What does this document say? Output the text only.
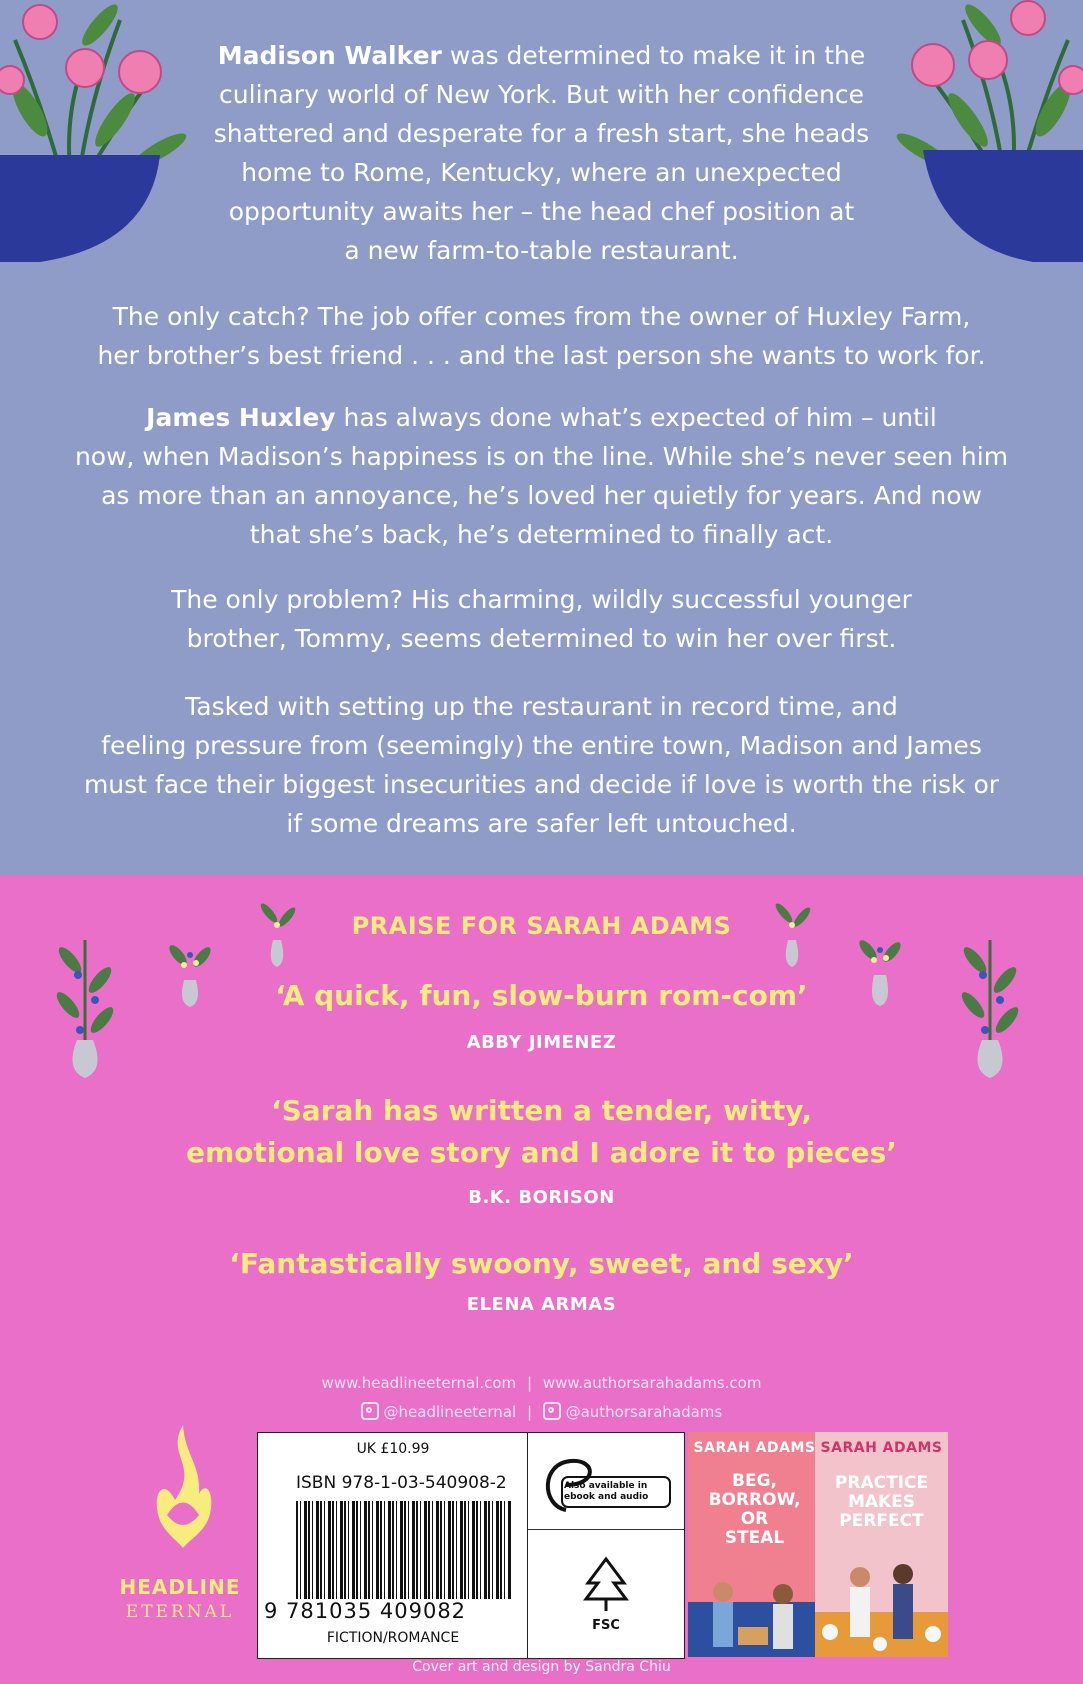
Madison Walker was determined to make it in the
culinary world of New York. But with her confidence
shattered and desperate for a fresh start, she heads
home to Rome, Kentucky, where an unexpected
opportunity awaits her – the head chef position at
a new farm-to-table restaurant.
The only catch? The job offer comes from the owner of Huxley Farm,
her brother’s best friend . . . and the last person she wants to work for.
James Huxley has always done what’s expected of him – until
now, when Madison’s happiness is on the line. While she’s never seen him
as more than an annoyance, he’s loved her quietly for years. And now
that she’s back, he’s determined to finally act.
The only problem? His charming, wildly successful younger
brother, Tommy, seems determined to win her over first.
Tasked with setting up the restaurant in record time, and
feeling pressure from (seemingly) the entire town, Madison and James
must face their biggest insecurities and decide if love is worth the risk or
if some dreams are safer left untouched.
PRAISE FOR SARAH ADAMS
‘A quick, fun, slow-burn rom-com’
ABBY JIMENEZ
‘Sarah has written a tender, witty,
emotional love story and I adore it to pieces’
B.K. BORISON
‘Fantastically swoony, sweet, and sexy’
ELENA ARMAS
www.headlineeternal.com | www.authorsarahadams.com
@headlineeternal | @authorsarahadams
HEADLINE
ETERNAL
UK £10.99
ISBN 978-1-03-540908-2
9 781035 409082
FICTION/ROMANCE
Also available in
ebook and audio
FSC
SARAH ADAMS
BEG,
BORROW,
OR
STEAL
SARAH ADAMS
PRACTICE
MAKES
PERFECT
Cover art and design by Sandra Chiu
